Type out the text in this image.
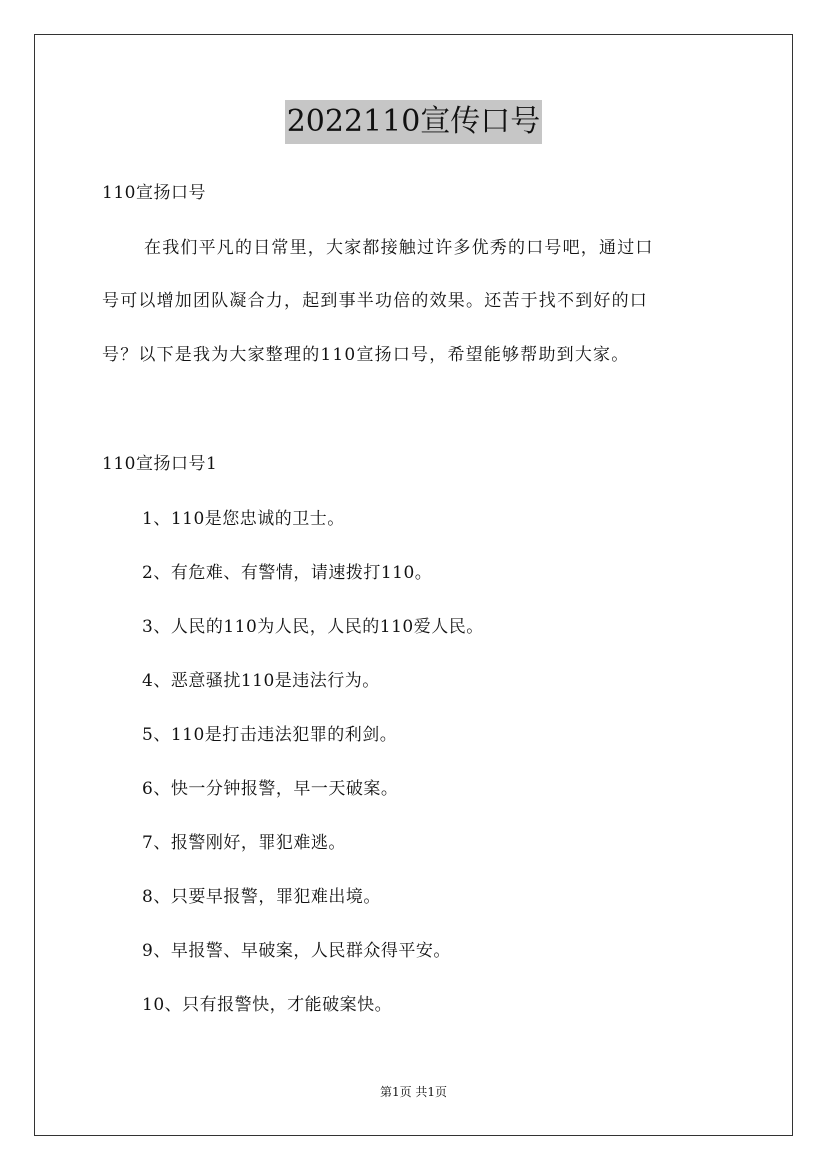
2022110宣传口号
110宣扬口号
在我们平凡的日常里，大家都接触过许多优秀的口号吧，通过口
号可以增加团队凝合力，起到事半功倍的效果。还苦于找不到好的口
号？以下是我为大家整理的110宣扬口号，希望能够帮助到大家。
110宣扬口号1
1、110是您忠诚的卫士。
2、有危难、有警情，请速拨打110。
3、人民的110为人民，人民的110爱人民。
4、恶意骚扰110是违法行为。
5、110是打击违法犯罪的利剑。
6、快一分钟报警，早一天破案。
7、报警刚好，罪犯难逃。
8、只要早报警，罪犯难出境。
9、早报警、早破案，人民群众得平安。
10、只有报警快，才能破案快。
第1页 共1页
